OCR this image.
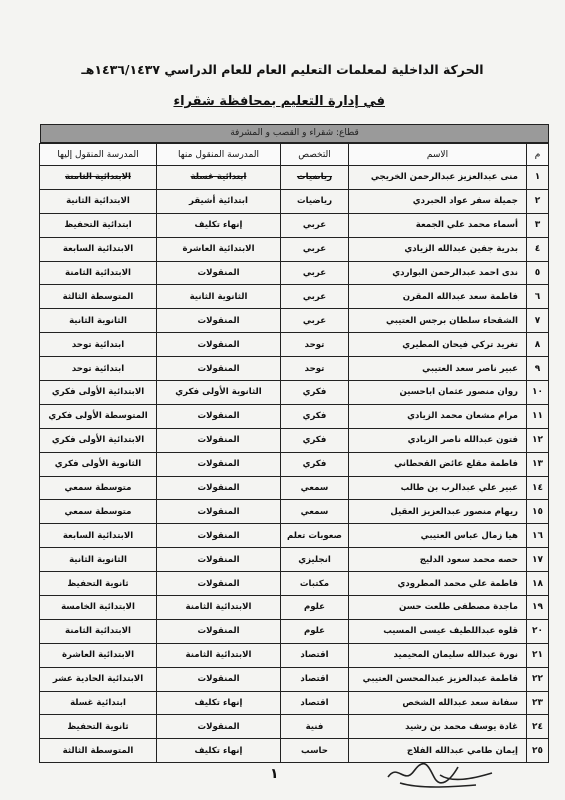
الحركة الداخلية لمعلمات التعليم العام للعام الدراسي ١٤٣٦/١٤٣٧هـ
في إدارة التعليم بمحافظة شقراء
قطاع: شقراء و القصب و المشرفة
م	الاسم	التخصص	المدرسة المنقول منها	المدرسة المنقول إليها
١	منى عبدالعزيز عبدالرحمن الخريجي	رياضيات	ابتدائية غسلة	الابتدائية الثامنة
٢	جميلة سفر عواد الحبردي	رياضيات	ابتدائية أشيقر	الابتدائية الثانية
٣	أسماء محمد علي الجمعة	عربي	إنهاء تكليف	ابتدائية التحفيظ
٤	بدرية جفين عبدالله الزيادي	عربي	الابتدائية العاشرة	الابتدائية السابعة
٥	ندى احمد عبدالرحمن البواردي	عربي	المنقولات	الابتدائية الثامنة
٦	فاطمة سعد عبدالله المقرن	عربي	الثانوية الثانية	المتوسطة الثالثة
٧	الشقحاء سلطان برجس العتيبي	عربي	المنقولات	الثانوية الثانية
٨	تغريد تركي فيحان المطيري	توحد	المنقولات	ابتدائية توحد
٩	عبير ناصر سعد العتيبي	توحد	المنقولات	ابتدائية توحد
١٠	روان منصور عثمان اباحسين	فكري	الثانوية الأولى فكري	الابتدائية الأولى فكري
١١	مرام مشعان محمد الزيادي	فكري	المنقولات	المتوسطة الأولى فكري
١٢	فتون عبدالله ناصر الزيادي	فكري	المنقولات	الابتدائية الأولى فكري
١٣	فاطمة مقلع عائض القحطاني	فكري	المنقولات	الثانوية الأولى فكري
١٤	عبير علي عبدالرب بن طالب	سمعي	المنقولات	متوسطة سمعي
١٥	ريهام منصور عبدالعزيز العقيل	سمعي	المنقولات	متوسطة سمعي
١٦	هيا زمال عباس العتيبي	صعوبات تعلم	المنقولات	الابتدائية السابعة
١٧	حصه محمد سعود الدليج	انجليزي	المنقولات	الثانوية الثانية
١٨	فاطمة علي محمد المطرودي	مكتبات	المنقولات	ثانوية التحفيظ
١٩	ماجدة مصطفى طلعت حسن	علوم	الابتدائية الثامنة	الابتدائية الخامسة
٢٠	قلوه عبداللطيف عيسى المسيب	علوم	المنقولات	الابتدائية الثامنة
٢١	نورة عبدالله سليمان المحيميد	اقتصاد	الابتدائية الثامنة	الابتدائية العاشرة
٢٢	فاطمة عبدالعزيز عبدالمحسن العتيبي	اقتصاد	المنقولات	الابتدائية الحادية عشر
٢٣	سفانة سعد عبدالله الشخص	اقتصاد	إنهاء تكليف	ابتدائية غسلة
٢٤	غادة يوسف محمد بن رشيد	فنية	المنقولات	ثانوية التحفيظ
٢٥	إيمان طامي عبدالله الفلاج	حاسب	إنهاء تكليف	المتوسطة الثالثة
١
